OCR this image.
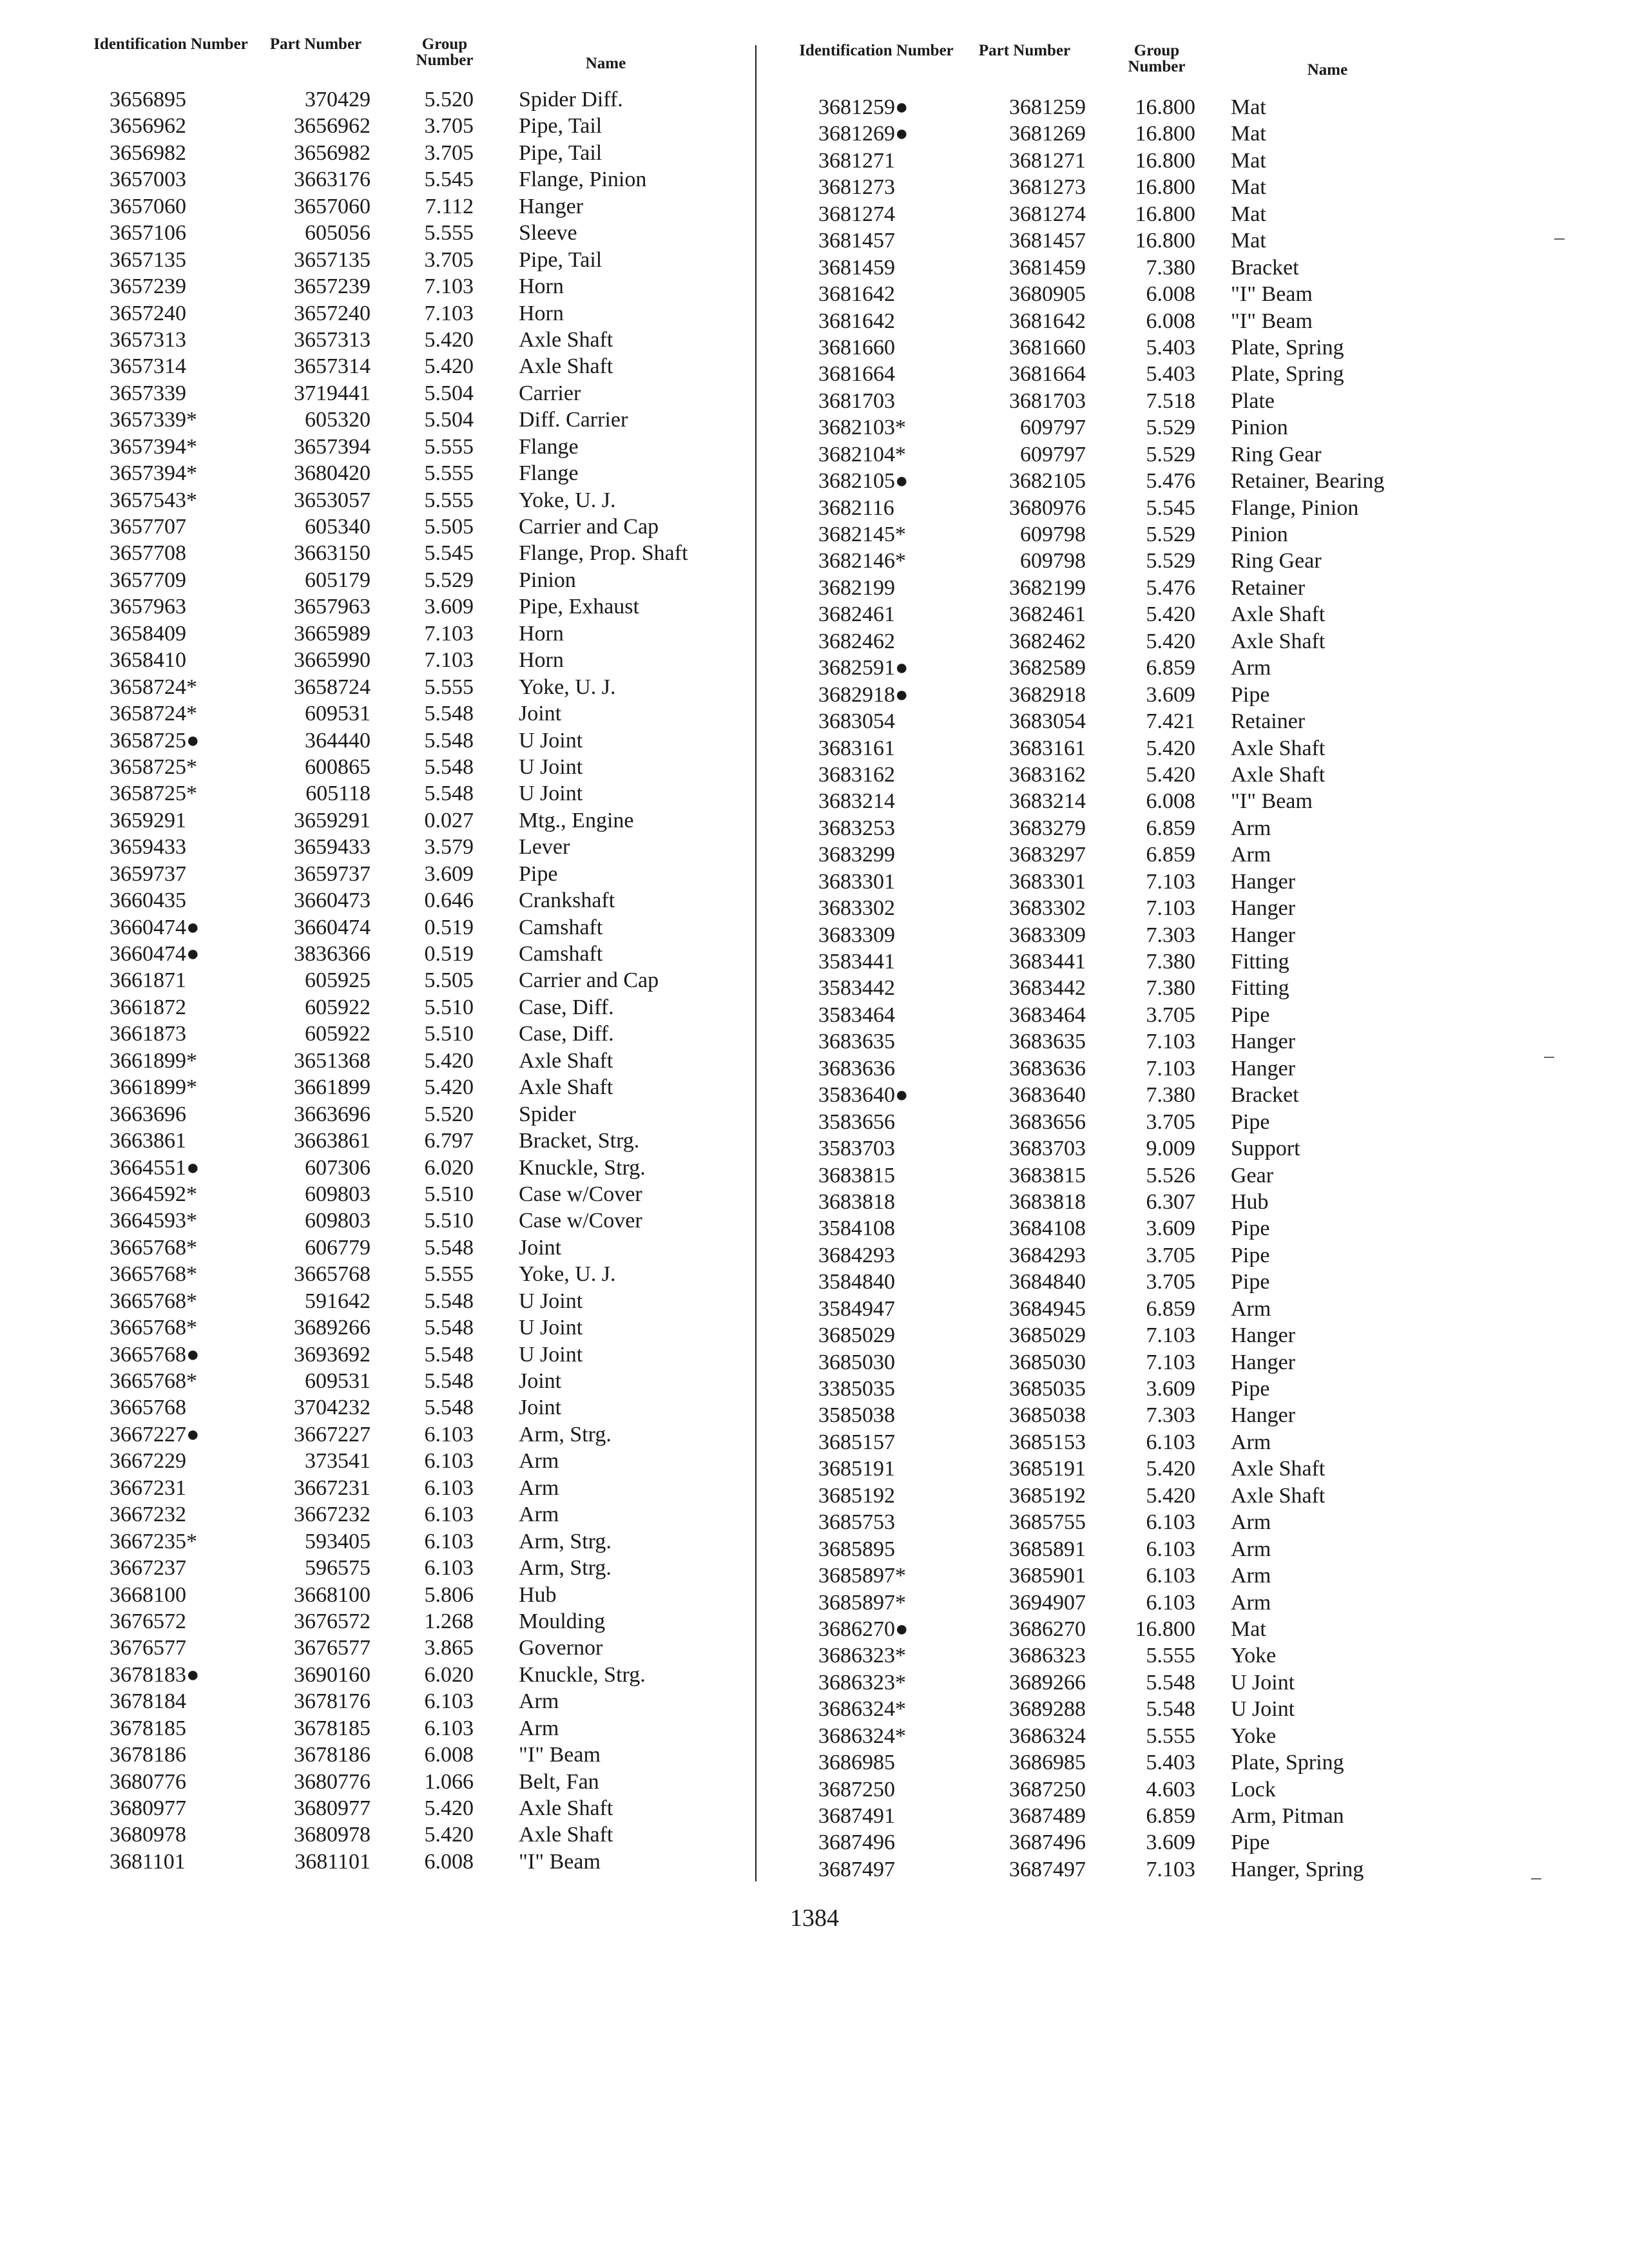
Identification Number	Part Number	Group Number	Name
3656895	370429	5.520 Spider Diff.
3656962	3656962	3.705 Pipe, Tail
3656982	3656982	3.705 Pipe, Tail
3657003	3663176	5.545 Flange, Pinion
3657060	3657060	7.112 Hanger
3657106	605056	5.555 Sleeve
3657135	3657135	3.705 Pipe, Tail
3657239	3657239	7.103 Horn
3657240	3657240	7.103 Horn
3657313	3657313	5.420 Axle Shaft
3657314	3657314	5.420 Axle Shaft
3657339	3719441	5.504 Carrier
3657339*	605320	5.504 Diff. Carrier
3657394*	3657394	5.555 Flange
3657394*	3680420	5.555 Flange
3657543*	3653057	5.555 Yoke, U. J.
3657707	605340	5.505 Carrier and Cap
3657708	3663150	5.545 Flange, Prop. Shaft
3657709	605179	5.529 Pinion
3657963	3657963	3.609 Pipe, Exhaust
3658409	3665989	7.103 Horn
3658410	3665990	7.103 Horn
3658724*	3658724	5.555 Yoke, U. J.
3658724*	609531	5.548 Joint
3658725●	364440	5.548 U Joint
3658725*	600865	5.548 U Joint
3658725*	605118	5.548 U Joint
3659291	3659291	0.027 Mtg., Engine
3659433	3659433	3.579 Lever
3659737	3659737	3.609 Pipe
3660435	3660473	0.646 Crankshaft
3660474●	3660474	0.519 Camshaft
3660474●	3836366	0.519 Camshaft
3661871	605925	5.505 Carrier and Cap
3661872	605922	5.510 Case, Diff.
3661873	605922	5.510 Case, Diff.
3661899*	3651368	5.420 Axle Shaft
3661899*	3661899	5.420 Axle Shaft
3663696	3663696	5.520 Spider
3663861	3663861	6.797 Bracket, Strg.
3664551●	607306	6.020 Knuckle, Strg.
3664592*	609803	5.510 Case w/Cover
3664593*	609803	5.510 Case w/Cover
3665768*	606779	5.548 Joint
3665768*	3665768	5.555 Yoke, U. J.
3665768*	591642	5.548 U Joint
3665768*	3689266	5.548 U Joint
3665768●	3693692	5.548 U Joint
3665768*	609531	5.548 Joint
3665768	3704232	5.548 Joint
3667227●	3667227	6.103 Arm, Strg.
3667229	373541	6.103 Arm
3667231	3667231	6.103 Arm
3667232	3667232	6.103 Arm
3667235*	593405	6.103 Arm, Strg.
3667237	596575	6.103 Arm, Strg.
3668100	3668100	5.806 Hub
3676572	3676572	1.268 Moulding
3676577	3676577	3.865 Governor
3678183●	3690160	6.020 Knuckle, Strg.
3678184	3678176	6.103 Arm
3678185	3678185	6.103 Arm
3678186	3678186	6.008 "I" Beam
3680776	3680776	1.066 Belt, Fan
3680977	3680977	5.420 Axle Shaft
3680978	3680978	5.420 Axle Shaft
3681101	3681101	6.008 "I" Beam
Identification Number	Part Number	Group Number	Name
3681259●	3681259	16.800 Mat
3681269●	3681269	16.800 Mat
3681271	3681271	16.800 Mat
3681273	3681273	16.800 Mat
3681274	3681274	16.800 Mat
3681457	3681457	16.800 Mat
3681459	3681459	7.380 Bracket
3681642	3680905	6.008 "I" Beam
3681642	3681642	6.008 "I" Beam
3681660	3681660	5.403 Plate, Spring
3681664	3681664	5.403 Plate, Spring
3681703	3681703	7.518 Plate
3682103*	609797	5.529 Pinion
3682104*	609797	5.529 Ring Gear
3682105●	3682105	5.476 Retainer, Bearing
3682116	3680976	5.545 Flange, Pinion
3682145*	609798	5.529 Pinion
3682146*	609798	5.529 Ring Gear
3682199	3682199	5.476 Retainer
3682461	3682461	5.420 Axle Shaft
3682462	3682462	5.420 Axle Shaft
3682591●	3682589	6.859 Arm
3682918●	3682918	3.609 Pipe
3683054	3683054	7.421 Retainer
3683161	3683161	5.420 Axle Shaft
3683162	3683162	5.420 Axle Shaft
3683214	3683214	6.008 "I" Beam
3683253	3683279	6.859 Arm
3683299	3683297	6.859 Arm
3683301	3683301	7.103 Hanger
3683302	3683302	7.103 Hanger
3683309	3683309	7.303 Hanger
3583441	3683441	7.380 Fitting
3583442	3683442	7.380 Fitting
3583464	3683464	3.705 Pipe
3683635	3683635	7.103 Hanger
3683636	3683636	7.103 Hanger
3583640●	3683640	7.380 Bracket
3583656	3683656	3.705 Pipe
3583703	3683703	9.009 Support
3683815	3683815	5.526 Gear
3683818	3683818	6.307 Hub
3584108	3684108	3.609 Pipe
3684293	3684293	3.705 Pipe
3584840	3684840	3.705 Pipe
3584947	3684945	6.859 Arm
3685029	3685029	7.103 Hanger
3685030	3685030	7.103 Hanger
3385035	3685035	3.609 Pipe
3585038	3685038	7.303 Hanger
3685157	3685153	6.103 Arm
3685191	3685191	5.420 Axle Shaft
3685192	3685192	5.420 Axle Shaft
3685753	3685755	6.103 Arm
3685895	3685891	6.103 Arm
3685897*	3685901	6.103 Arm
3685897*	3694907	6.103 Arm
3686270●	3686270	16.800 Mat
3686323*	3686323	5.555 Yoke
3686323*	3689266	5.548 U Joint
3686324*	3689288	5.548 U Joint
3686324*	3686324	5.555 Yoke
3686985	3686985	5.403 Plate, Spring
3687250	3687250	4.603 Lock
3687491	3687489	6.859 Arm, Pitman
3687496	3687496	3.609 Pipe
3687497	3687497	7.103 Hanger, Spring
1384
